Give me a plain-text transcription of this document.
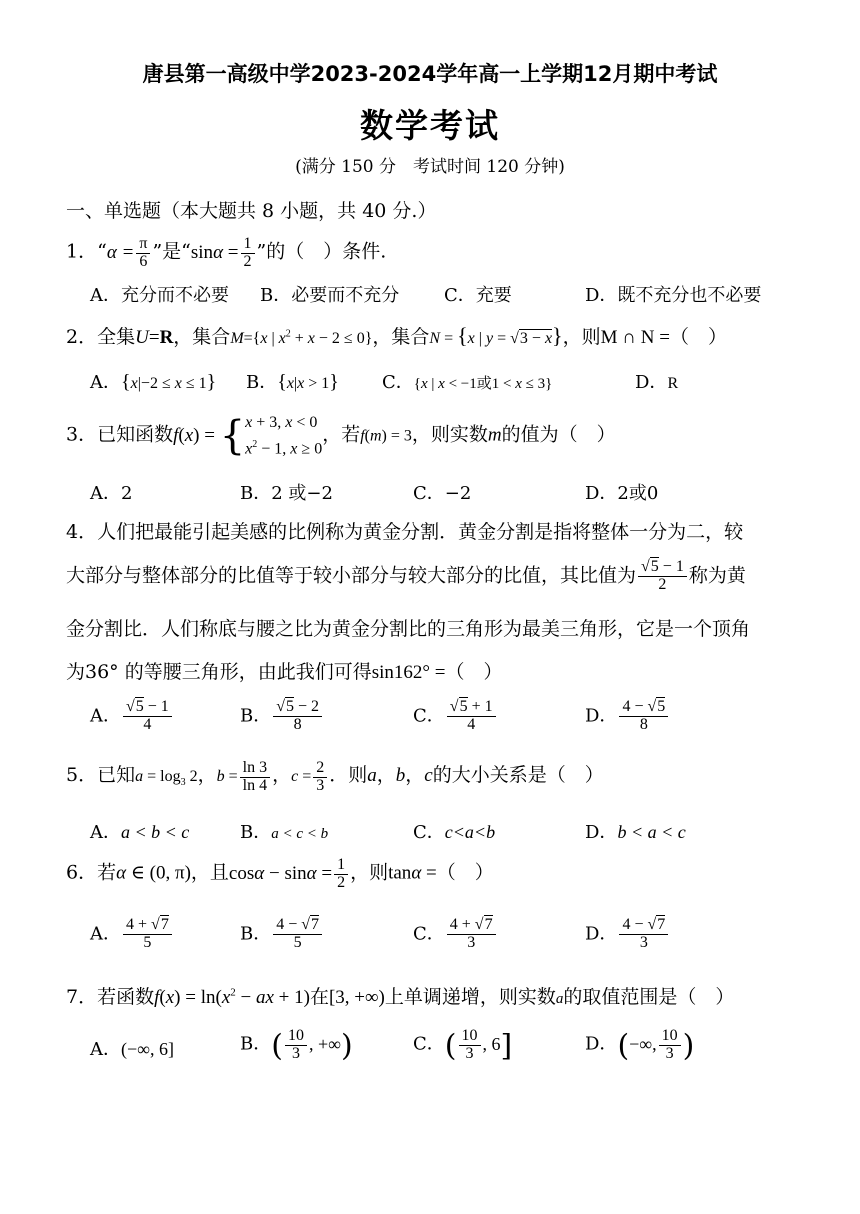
唐县第一高级中学2023-2024学年高一上学期12月期中考试
数学考试
(满分 150 分　考试时间 120 分钟)
一、单选题（本大题共 8 小题，共 40 分.）
1．“$\alpha = \frac{\pi}{6}$ ”是“$\sin\alpha = \frac{1}{2}$ ”的（　）条件.
A．充分而不必要 B．必要而不充分 C．充要	D．既不充分也不必要
2．全集U=R，集合M={x | $x^2 + x - 2 \le 0$}，集合N = {x | y = √3 − x}，则M ∩ N =（　）
A．{x|−2 ≤ x ≤ 1} B．{x|x > 1} C．{x | x < −1或1 < x ≤ 3}	D．R
3．已知函数f(x) = { x + 3, x < 0
$x^2 - 1$, x ≥ 0
，若f(m) = 3，则实数m的值为（　）
A．2	B．2 或−2	C．−2	D．2或0
4．人们把最能引起美感的比例称为黄金分割．黄金分割是指将整体一分为二，较
大部分与整体部分的比值等于较小部分与较大部分的比值，其比值为 $\frac{√5 - 1}{2}$ 称为黄
金分割比．人们称底与腰之比为黄金分割比的三角形为最美三角形，它是一个顶角
为36° 的等腰三角形，由此我们可得sin162° =（　）
A． $\frac{√5 - 1}{4}$	B． $\frac{√5 - 2}{8}$	C． $\frac{√5 + 1}{4}$	D． $\frac{4 - √5}{8}$
5．已知$a = \log_3 2$，$b = \frac{\ln 3}{\ln 4}$ ，$c = \frac{2}{3}$ ．则a，b，c的大小关系是（　）
A．a < b < c	B．a < c < b	C．c<a<b	D．b < a < c
6．若α ∈ (0, π)，且$\cos\alpha - \sin\alpha = \frac{1}{2}$ ，则tanα =（　）
A． $\frac{4 + √7}{5}$	B． $\frac{4 - √7}{5}$	C． $\frac{4 + √7}{3}$	D． $\frac{4 - √7}{3}$
7．若函数$f(x) = \ln(x^2$ − ax + 1)在[3, +∞)上单调递增，则实数a的取值范围是（　）
A．(−∞, 6]	B．( $\frac{10}{3}$ , +∞)	C．( $\frac{10}{3}$ , 6]	D．(−∞, $\frac{10}{3}$ )
